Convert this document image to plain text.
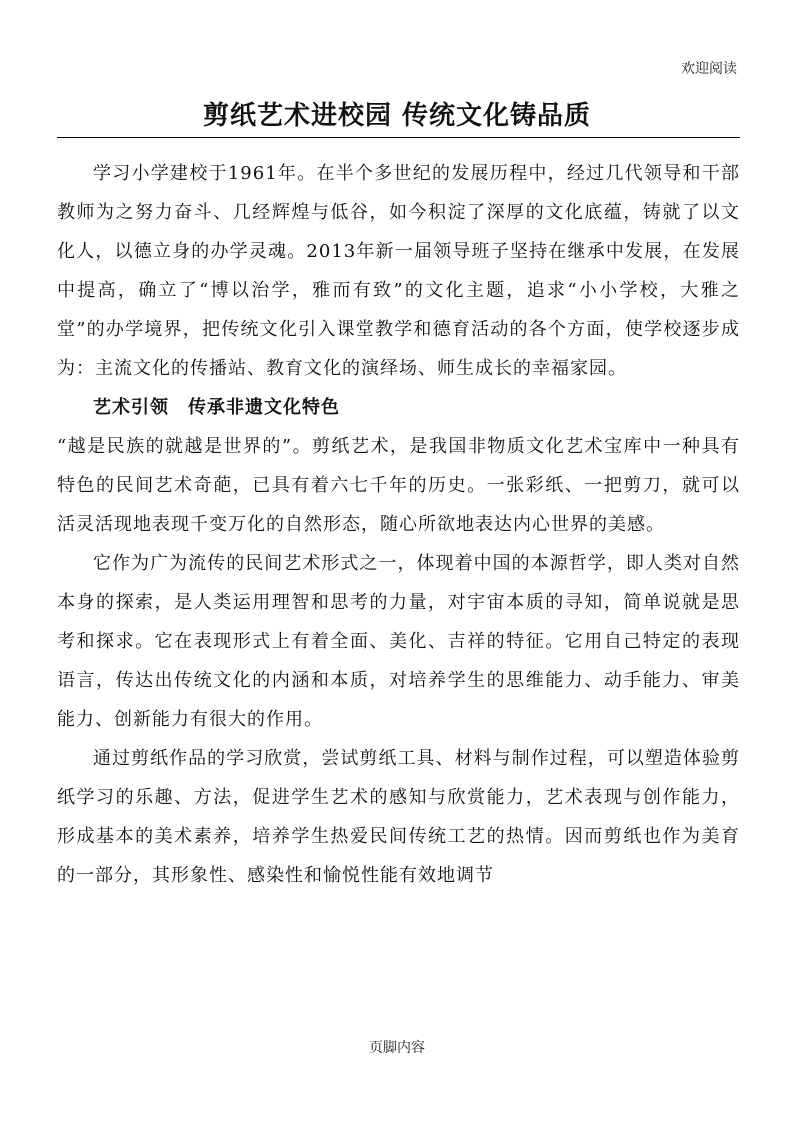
欢迎阅读
剪纸艺术进校园 传统文化铸品质

学习小学建校于1961年。在半个多世纪的发展历程中，经过几代领导和干部教师为之努力奋斗、几经辉煌与低谷，如今积淀了深厚的文化底蕴，铸就了以文化人，以德立身的办学灵魂。2013年新一届领导班子坚持在继承中发展，在发展中提高，确立了“博以治学，雅而有致”的文化主题，追求“小小学校，大雅之堂”的办学境界，把传统文化引入课堂教学和德育活动的各个方面，使学校逐步成为：主流文化的传播站、教育文化的演绎场、师生成长的幸福家园。

艺术引领　传承非遗文化特色

“越是民族的就越是世界的”。剪纸艺术，是我国非物质文化艺术宝库中一种具有特色的民间艺术奇葩，已具有着六七千年的历史。一张彩纸、一把剪刀，就可以活灵活现地表现千变万化的自然形态，随心所欲地表达内心世界的美感。

它作为广为流传的民间艺术形式之一，体现着中国的本源哲学，即人类对自然本身的探索，是人类运用理智和思考的力量，对宇宙本质的寻知，简单说就是思考和探求。它在表现形式上有着全面、美化、吉祥的特征。它用自己特定的表现语言，传达出传统文化的内涵和本质，对培养学生的思维能力、动手能力、审美能力、创新能力有很大的作用。

通过剪纸作品的学习欣赏，尝试剪纸工具、材料与制作过程，可以塑造体验剪纸学习的乐趣、方法，促进学生艺术的感知与欣赏能力，艺术表现与创作能力，形成基本的美术素养，培养学生热爱民间传统工艺的热情。因而剪纸也作为美育的一部分，其形象性、感染性和愉悦性能有效地调节

页脚内容
